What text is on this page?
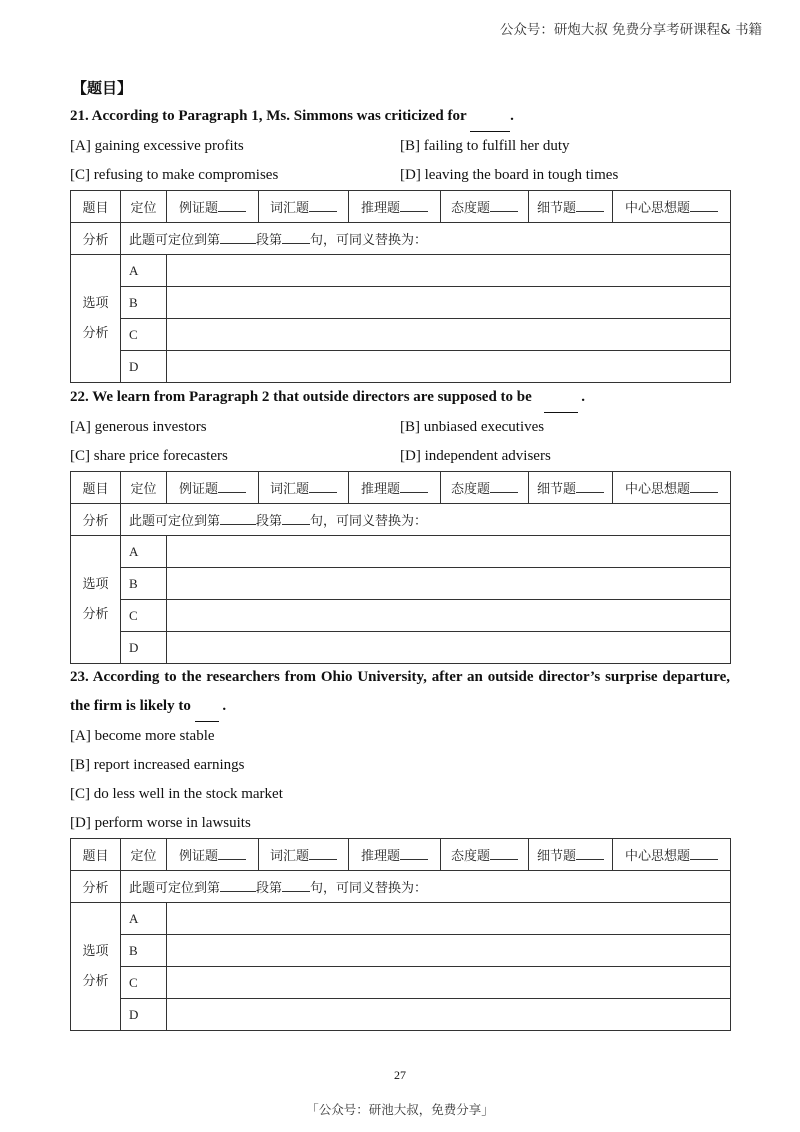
公众号：研炮大叔 免费分享考研课程& 书籍
【题目】
21. According to Paragraph 1, Ms. Simmons was criticized for	.
[A] gaining excessive profits	[B] failing to fulfill her duty
[C] refusing to make compromises	[D] leaving the board in tough times
题目	定位	例证题	词汇题	推理题	态度题	细节题	中心思想题
分析	此题可定位到第 段第 句，可同义替换为：						
选项
分析	A						
	B						
	C						
	D						
22. We learn from Paragraph 2 that outside directors are supposed to be	.
[A] generous investors	[B] unbiased executives
[C] share price forecasters	[D] independent advisers
题目	定位	例证题	词汇题	推理题	态度题	细节题	中心思想题
分析	此题可定位到第 段第 句，可同义替换为：						
选项
分析	A						
	B						
	C						
	D						
23. According to the researchers from Ohio University, after an outside director’s surprise departure, the firm is likely to .
[A] become more stable
[B] report increased earnings
[C] do less well in the stock market
[D] perform worse in lawsuits
题目	定位	例证题	词汇题	推理题	态度题	细节题	中心思想题
分析	此题可定位到第 段第 句，可同义替换为：						
选项
分析	A						
	B						
	C						
	D						
27
「公众号：研池大叔，免费分享」
